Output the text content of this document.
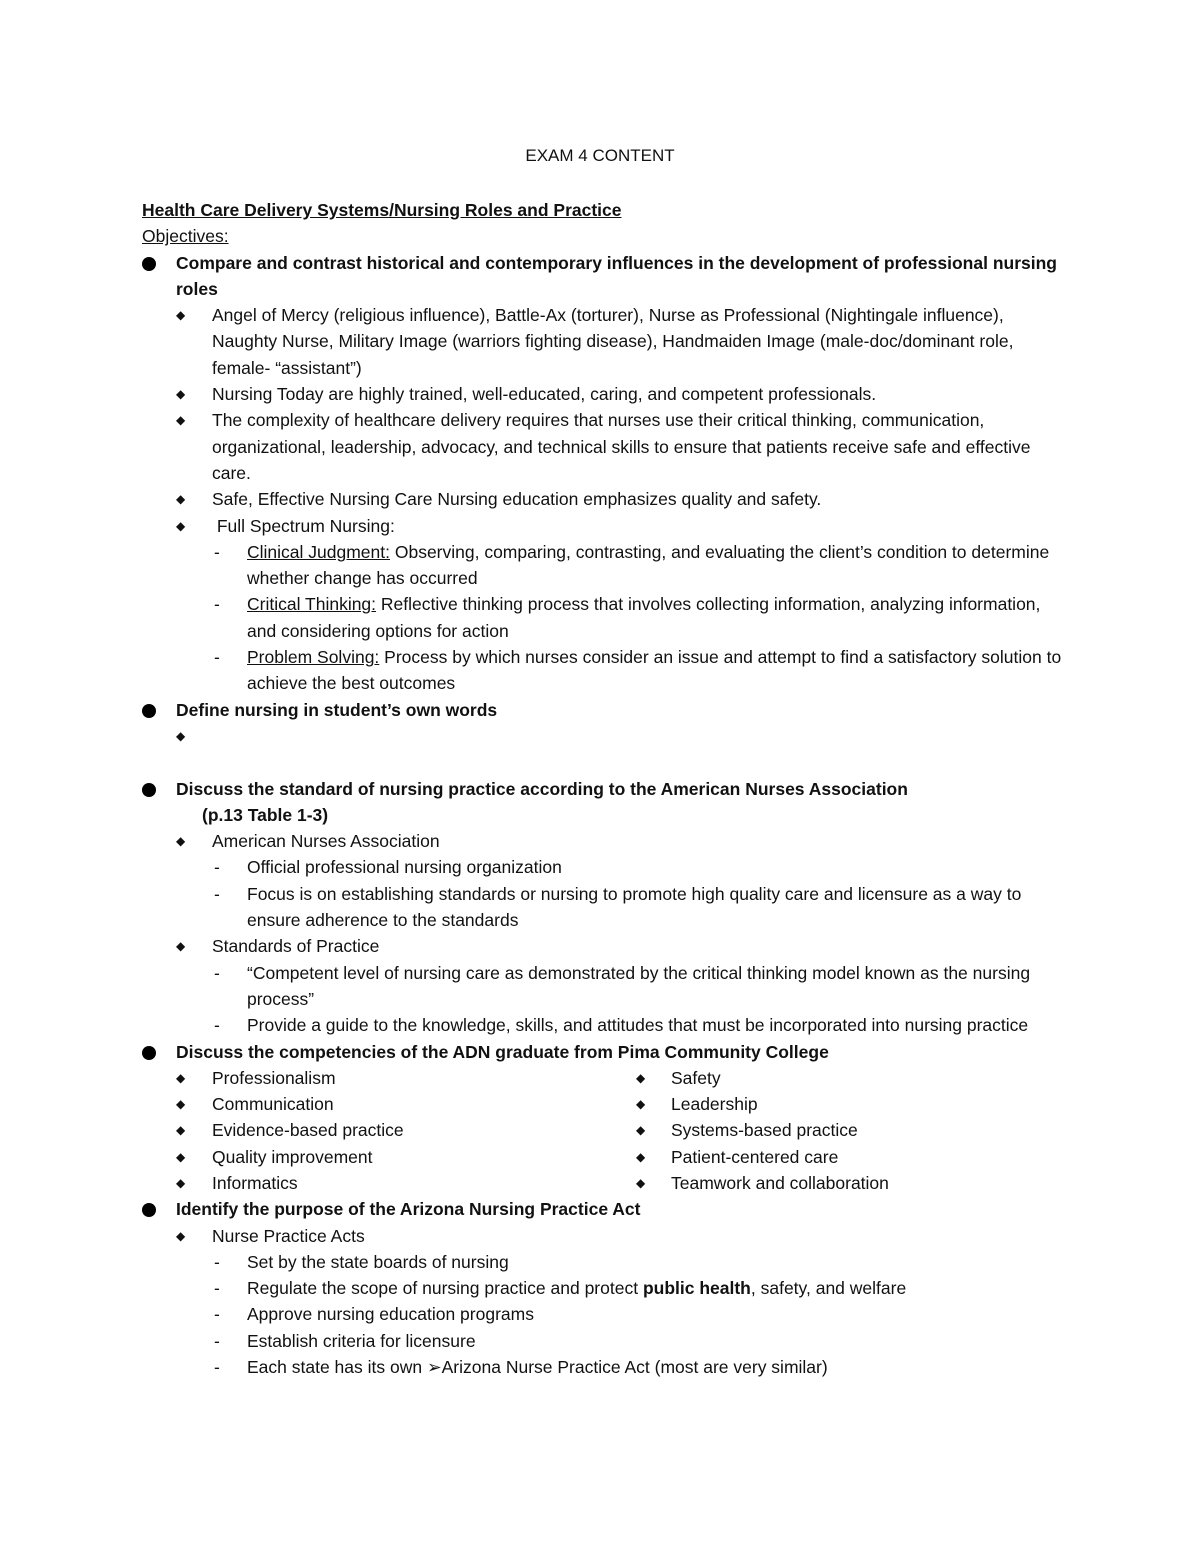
EXAM 4 CONTENT
Health Care Delivery Systems/Nursing Roles and Practice
Objectives:
Compare and contrast historical and contemporary influences in the development of professional nursing roles
◆ Angel of Mercy (religious influence), Battle-Ax (torturer), Nurse as Professional (Nightingale influence), Naughty Nurse, Military Image (warriors fighting disease), Handmaiden Image (male-doc/dominant role, female- “assistant”)
◆ Nursing Today are highly trained, well-educated, caring, and competent professionals.
◆ The complexity of healthcare delivery requires that nurses use their critical thinking, communication, organizational, leadership, advocacy, and technical skills to ensure that patients receive safe and effective care.
◆ Safe, Effective Nursing Care Nursing education emphasizes quality and safety.
◆ Full Spectrum Nursing:
- Clinical Judgment: Observing, comparing, contrasting, and evaluating the client’s condition to determine whether change has occurred
- Critical Thinking: Reflective thinking process that involves collecting information, analyzing information, and considering options for action
- Problem Solving: Process by which nurses consider an issue and attempt to find a satisfactory solution to achieve the best outcomes
Define nursing in student’s own words
◆

Discuss the standard of nursing practice according to the American Nurses Association
(p.13 Table 1-3)
◆ American Nurses Association
- Official professional nursing organization
- Focus is on establishing standards or nursing to promote high quality care and licensure as a way to ensure adherence to the standards
◆ Standards of Practice
- “Competent level of nursing care as demonstrated by the critical thinking model known as the nursing process”
- Provide a guide to the knowledge, skills, and attitudes that must be incorporated into nursing practice
Discuss the competencies of the ADN graduate from Pima Community College
◆ Professionalism
◆ Communication
◆ Evidence-based practice
◆ Quality improvement
◆ Informatics
◆ Safety
◆ Leadership
◆ Systems-based practice
◆ Patient-centered care
◆ Teamwork and collaboration
Identify the purpose of the Arizona Nursing Practice Act
◆ Nurse Practice Acts
- Set by the state boards of nursing
- Regulate the scope of nursing practice and protect public health, safety, and welfare
- Approve nursing education programs
- Establish criteria for licensure
- Each state has its own ➢Arizona Nurse Practice Act (most are very similar)
